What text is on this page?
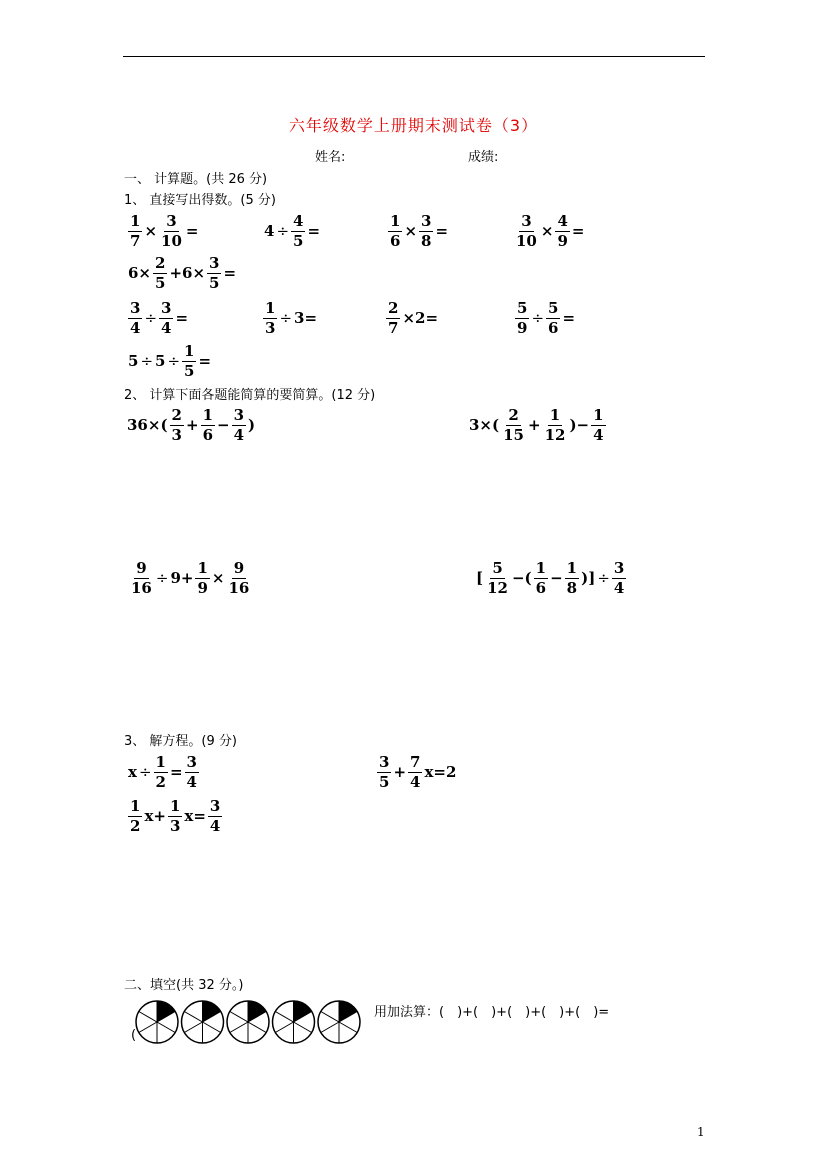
六年级数学上册期末测试卷（3）
姓名:	成绩:
一、 计算题。(共 26 分)
1、 直接写出得数。(5 分)
$\frac{1}{7} \times \frac{3}{10}$ =	$4 \div \frac{4}{5}$ =	$\frac{1}{6} \times \frac{3}{8}$ =	$\frac{3}{10} \times \frac{4}{9}$ =
$6\times \frac{2}{5} +6\times \frac{3}{5}$ =
$\frac{3}{4} \div \frac{3}{4}$ =	$\frac{1}{3} \div 3=$	$\frac{2}{7} \times 2=$	$\frac{5}{9} \div \frac{5}{6}$ =
$5 \div 5 \div \frac{1}{5}$ =
2、 计算下面各题能简算的要简算。(12 分)
$36\times( \frac{2}{3} + \frac{1}{6} - \frac{3}{4}$ )	$3\times( \frac{2}{15} + \frac{1}{12}$ )− $\frac{1}{4}$
$\frac{9}{16} \div 9+ \frac{1}{9} \times \frac{9}{16}$	[ $\frac{5}{12}$ −( $\frac{1}{6} - \frac{1}{8}$ )] ÷ $\frac{3}{4}$
3、 解方程。(9 分)
$x \div \frac{1}{2} = \frac{3}{4}$	$\frac{3}{5} + \frac{7}{4} x=2$
$\frac{1}{2} x+ \frac{1}{3} x= \frac{3}{4}$
二、填空(共 32 分。)
(
用加法算：(　)+(　)+(　)+(　)+(　)=
1
